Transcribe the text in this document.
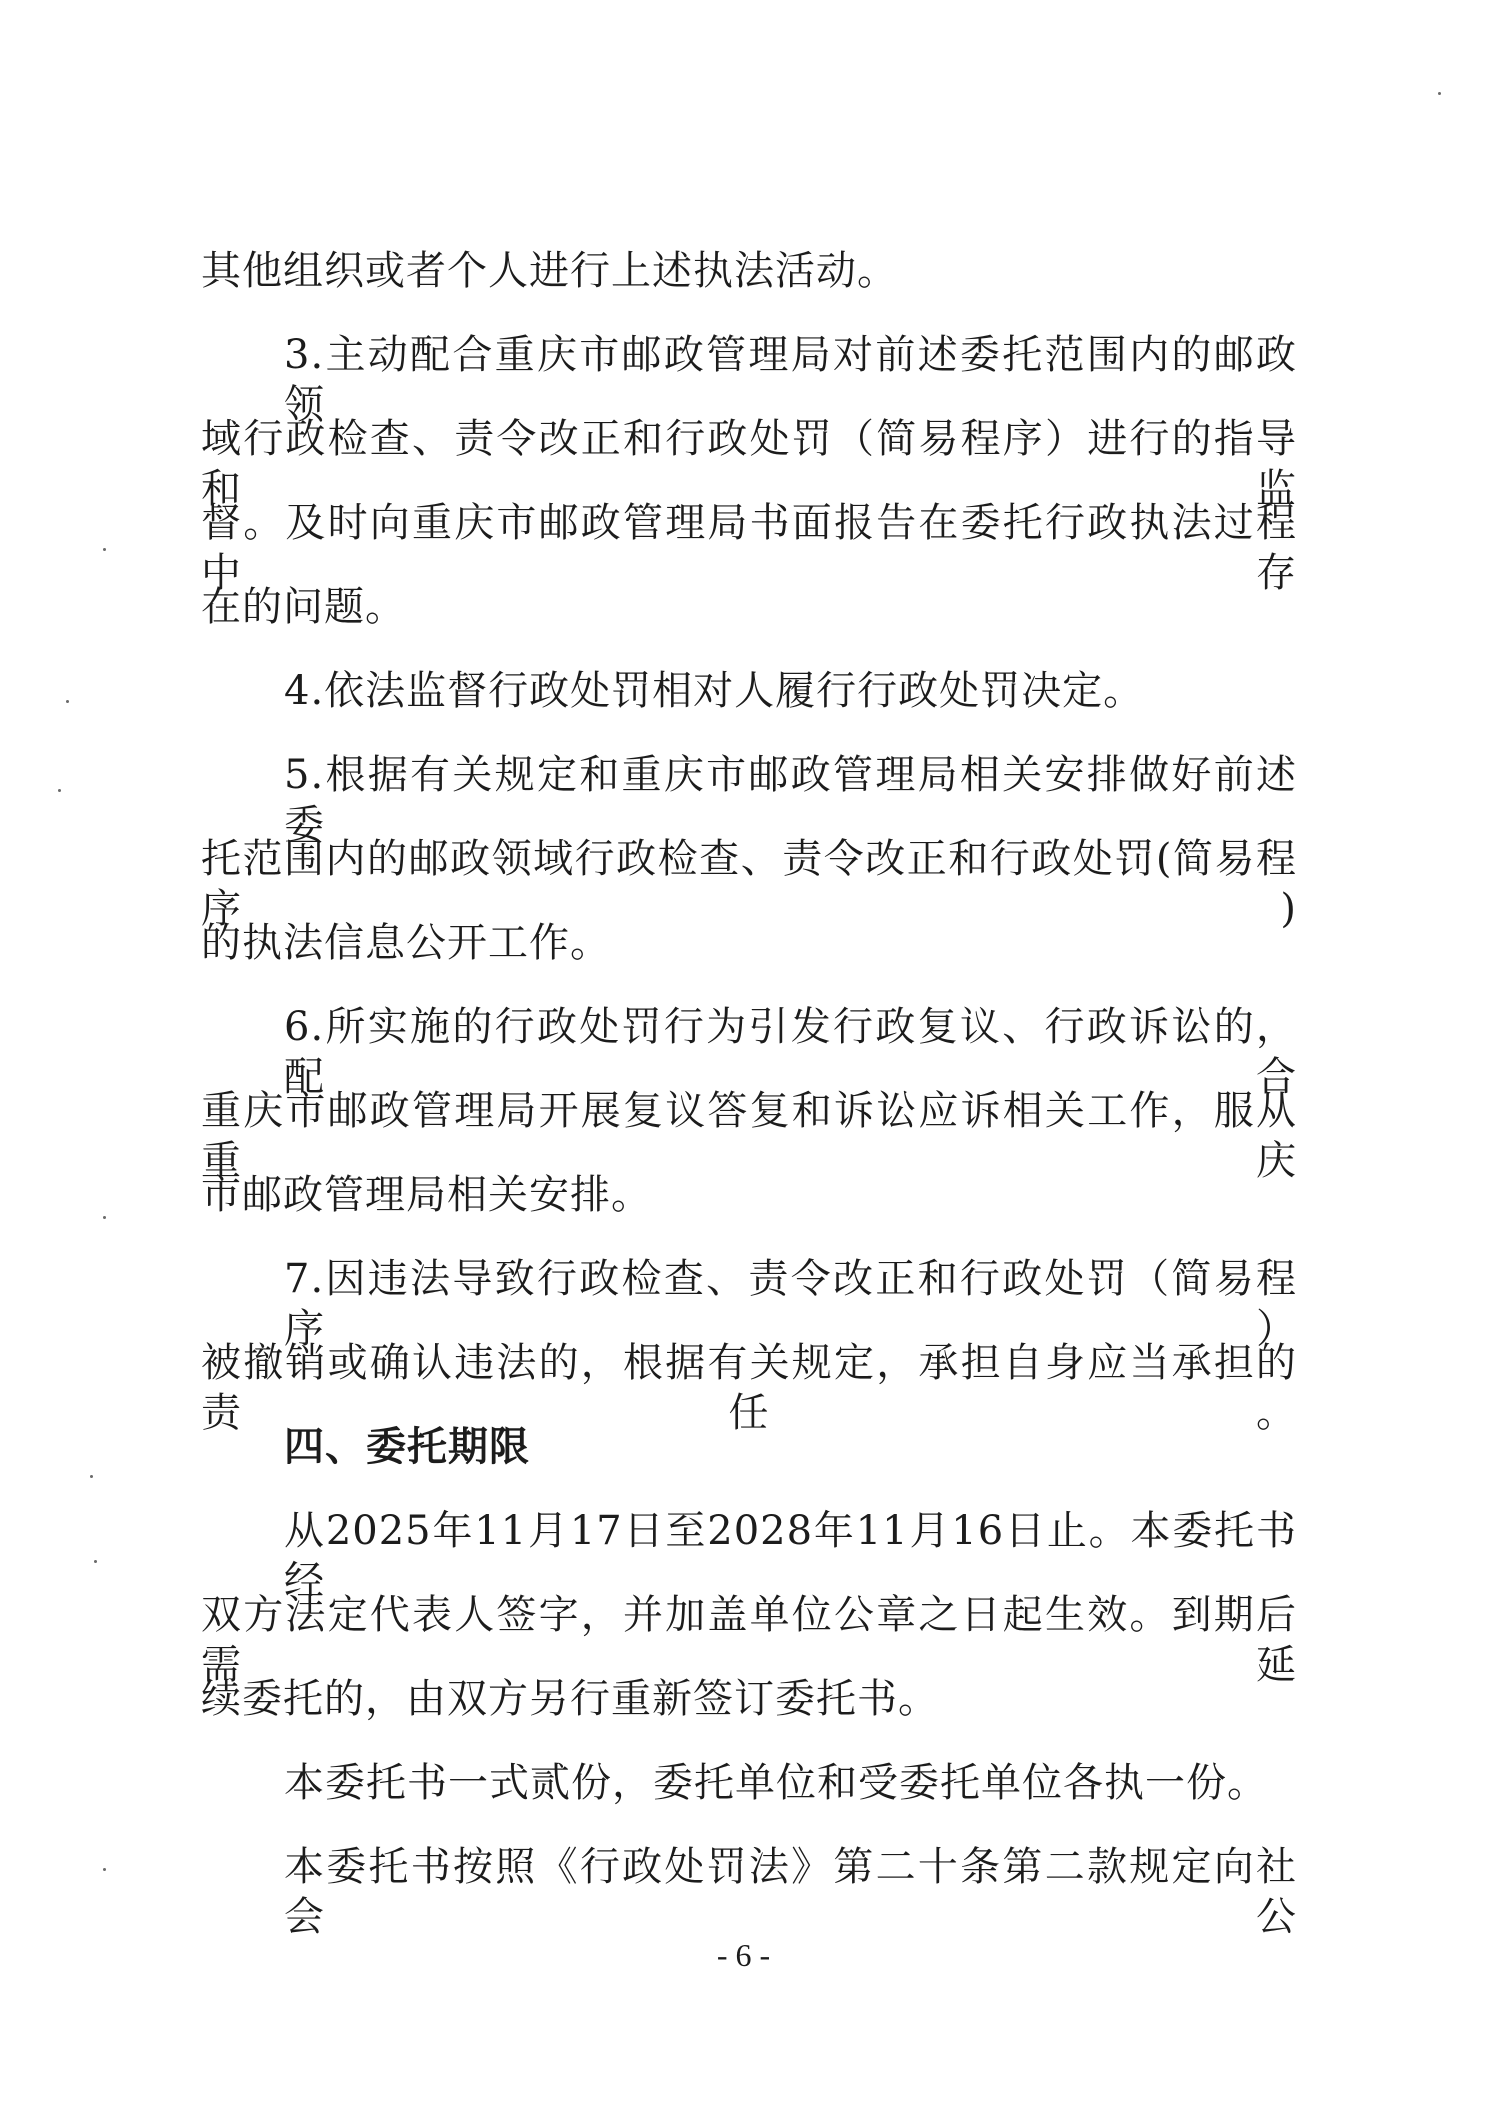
其他组织或者个人进行上述执法活动。
3.主动配合重庆市邮政管理局对前述委托范围内的邮政领
域行政检查、责令改正和行政处罚（简易程序）进行的指导和监
督。及时向重庆市邮政管理局书面报告在委托行政执法过程中存
在的问题。
4.依法监督行政处罚相对人履行行政处罚决定。
5.根据有关规定和重庆市邮政管理局相关安排做好前述委
托范围内的邮政领域行政检查、责令改正和行政处罚(简易程序)
的执法信息公开工作。
6.所实施的行政处罚行为引发行政复议、行政诉讼的，配合
重庆市邮政管理局开展复议答复和诉讼应诉相关工作，服从重庆
市邮政管理局相关安排。
7.因违法导致行政检查、责令改正和行政处罚（简易程序）
被撤销或确认违法的，根据有关规定，承担自身应当承担的责任。
四、委托期限
从2025年11月17日至2028年11月16日止。本委托书经
双方法定代表人签字，并加盖单位公章之日起生效。到期后需延
续委托的，由双方另行重新签订委托书。
本委托书一式贰份，委托单位和受委托单位各执一份。
本委托书按照《行政处罚法》第二十条第二款规定向社会公
- 6 -
